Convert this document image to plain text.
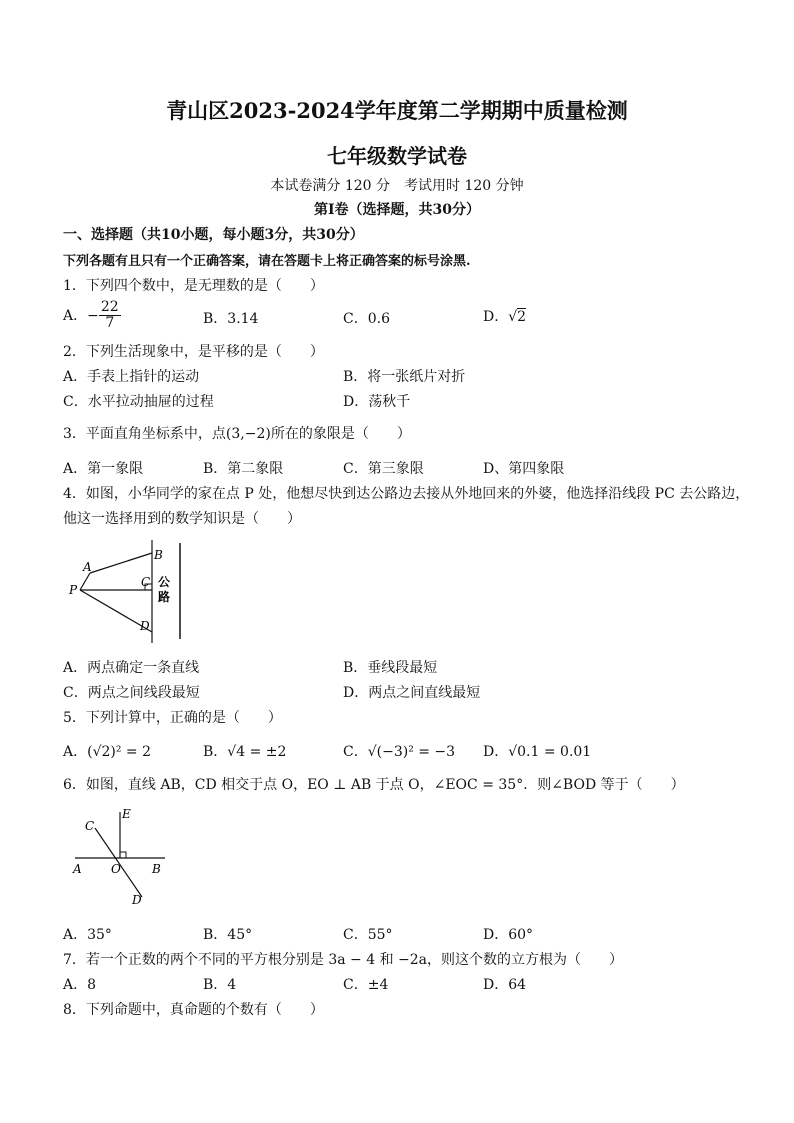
青山区2023-2024学年度第二学期期中质量检测
七年级数学试卷
本试卷满分 120 分　考试用时 120 分钟
第Ⅰ卷（选择题，共30分）
一、选择题（共10小题，每小题3分，共30分）
下列各题有且只有一个正确答案，请在答题卡上将正确答案的标号涂黑.
1．下列四个数中，是无理数的是（　　）
A．− $\frac{22}{7}$	B．3.14	C．0.6	D．√2
2．下列生活现象中，是平移的是（　　）
A．手表上指针的运动	B．将一张纸片对折
C．水平拉动抽屉的过程	D．荡秋千
3．平面直角坐标系中，点(3,−2)所在的象限是（　　）
A．第一象限	B．第二象限	C．第三象限	D、第四象限
4．如图，小华同学的家在点 P 处，他想尽快到达公路边去接从外地回来的外婆，他选择沿线段 PC 去公路边，
他这一选择用到的数学知识是（　　）
A
B
C
D
P
公
路
A．两点确定一条直线	B．垂线段最短
C．两点之间线段最短	D．两点之间直线最短
5．下列计算中，正确的是（　　）
A．(√2)² = 2	B．√4 = ±2	C．√(−3)² = −3 D．√0.1 = 0.01
6．如图，直线 AB，CD 相交于点 O，EO ⊥ AB 于点 O，∠EOC = 35°．则∠BOD 等于（　　）
C
E
A O	B
D
A．35°	B．45°	C．55°	D．60°
7．若一个正数的两个不同的平方根分别是 3a − 4 和 −2a，则这个数的立方根为（　　）
A．8	B．4	C．±4	D．64
8．下列命题中，真命题的个数有（　　）
